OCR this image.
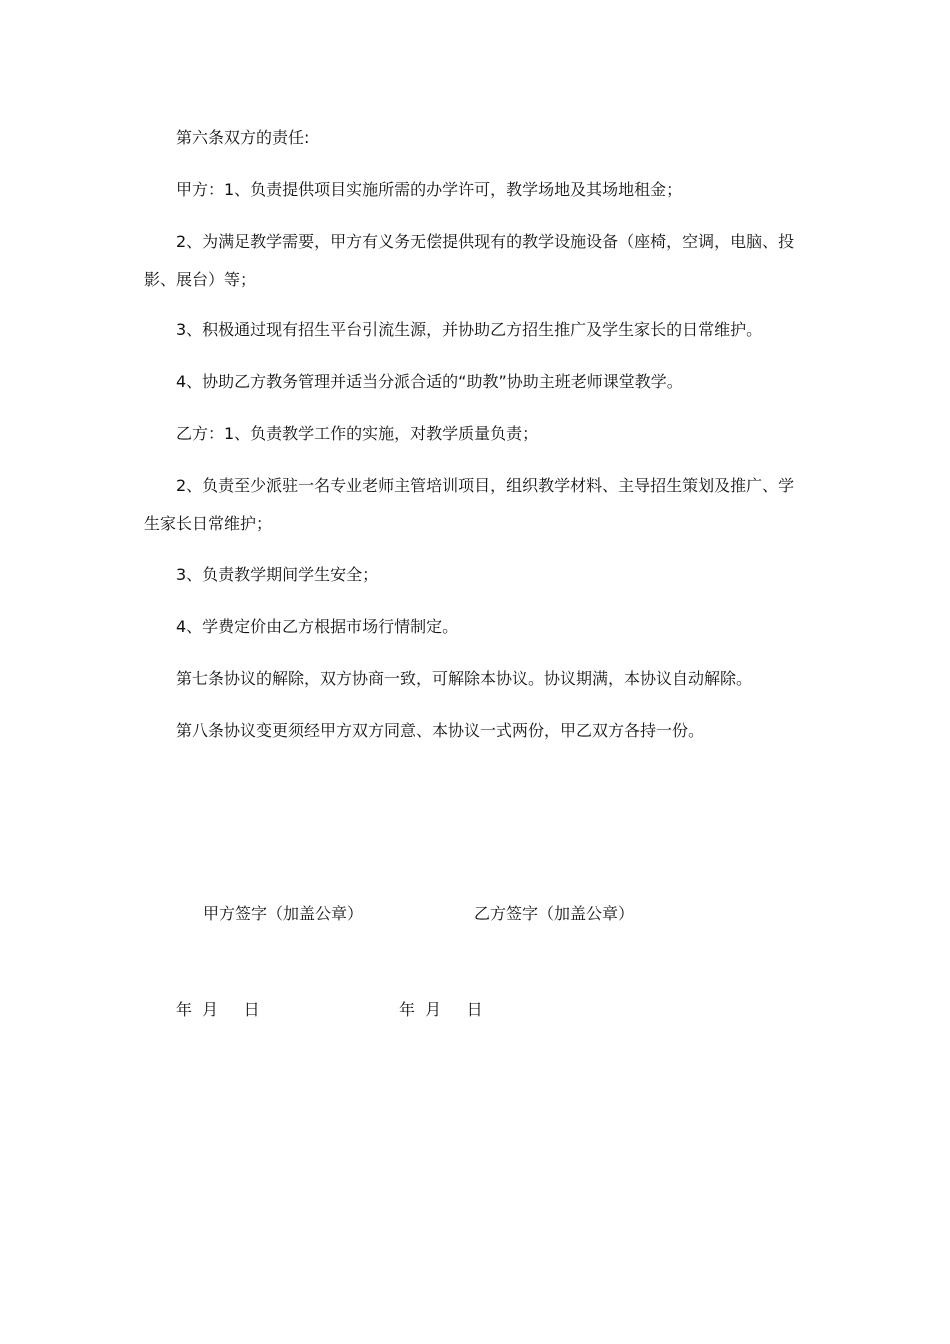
第六条双方的责任:

甲方：1、负责提供项目实施所需的办学许可，教学场地及其场地租金；

2、为满足教学需要，甲方有义务无偿提供现有的教学设施设备（座椅，空调，电脑、投影、展台）等；

3、积极通过现有招生平台引流生源，并协助乙方招生推广及学生家长的日常维护。

4、协助乙方教务管理并适当分派合适的“助教”协助主班老师课堂教学。

乙方：1、负责教学工作的实施，对教学质量负责；

2、负责至少派驻一名专业老师主管培训项目，组织教学材料、主导招生策划及推广、学生家长日常维护；

3、负责教学期间学生安全；

4、学费定价由乙方根据市场行情制定。

第七条协议的解除，双方协商一致，可解除本协议。协议期满，本协议自动解除。

第八条协议变更须经甲方双方同意、本协议一式两份，甲乙双方各持一份。

甲方签字（加盖公章）	乙方签字（加盖公章）
年  月     日	年  月     日
